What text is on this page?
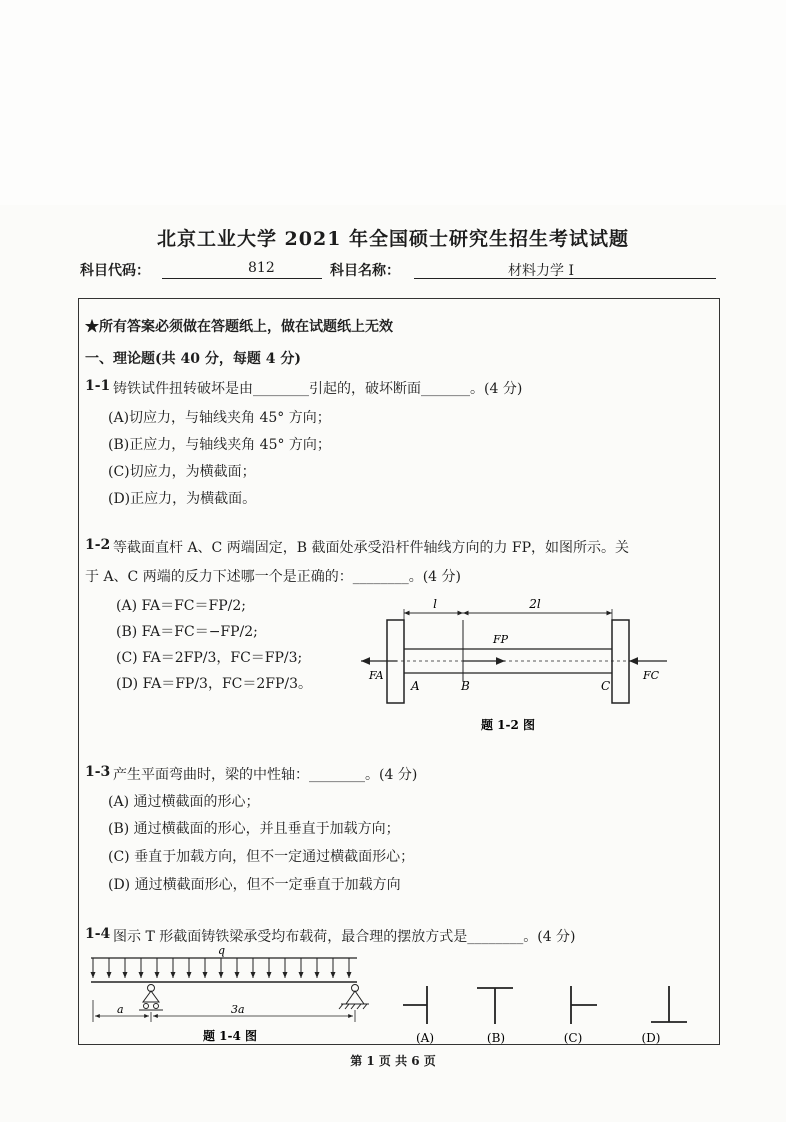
北京工业大学 2021 年全国硕士研究生招生考试试题
科目代码：	812	科目名称：	材料力学 I
★所有答案必须做在答题纸上，做在试题纸上无效
一、理论题(共 40 分，每题 4 分)
1-1 铸铁试件扭转破坏是由________引起的，破坏断面_______。(4 分)
(A)切应力，与轴线夹角 45° 方向；
(B)正应力，与轴线夹角 45° 方向；
(C)切应力，为横截面；
(D)正应力，为横截面。
1-2 等截面直杆 A、C 两端固定，B 截面处承受沿杆件轴线方向的力 FP，如图所示。关
于 A、C 两端的反力下述哪一个是正确的：________。(4 分)
(A) FA＝FC＝FP/2;
(B) FA＝FC＝−FP/2;
(C) FA＝2FP/3，FC＝FP/3;
(D) FA＝FP/3，FC＝2FP/3。
l	2l
FP
FA	FC
A	B	C
题 1-2 图
1-3 产生平面弯曲时，梁的中性轴：________。(4 分)
(A) 通过横截面的形心；
(B) 通过横截面的形心，并且垂直于加载方向；
(C) 垂直于加载方向，但不一定通过横截面形心；
(D) 通过横截面形心，但不一定垂直于加载方向
1-4 图示 T 形截面铸铁梁承受均布载荷，最合理的摆放方式是________。(4 分)
q
a	3a
题 1-4 图	(A)	(B)	(C)	(D)
第 1 页 共 6 页
